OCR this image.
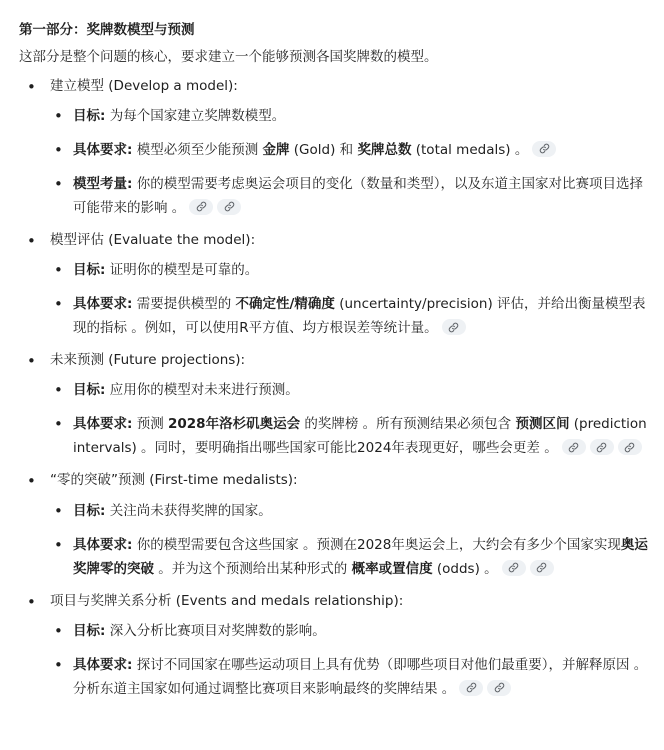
第一部分：奖牌数模型与预测
这部分是整个问题的核心，要求建立一个能够预测各国奖牌数的模型。
• 建立模型 (Develop a model):
• 目标: 为每个国家建立奖牌数模型。
• 具体要求: 模型必须至少能预测 金牌 (Gold) 和 奖牌总数 (total medals) 。
• 模型考量: 你的模型需要考虑奥运会项目的变化（数量和类型），以及东道主国家对比赛项目选择可能带来的影响 。
• 模型评估 (Evaluate the model):
• 目标: 证明你的模型是可靠的。
• 具体要求: 需要提供模型的 不确定性/精确度 (uncertainty/precision) 评估，并给出衡量模型表现的指标 。例如，可以使用R平方值、均方根误差等统计量。
• 未来预测 (Future projections):
• 目标: 应用你的模型对未来进行预测。
• 具体要求: 预测 2028年洛杉矶奥运会 的奖牌榜 。所有预测结果必须包含 预测区间 (prediction intervals) 。同时，要明确指出哪些国家可能比2024年表现更好，哪些会更差 。
• “零的突破”预测 (First-time medalists):
• 目标: 关注尚未获得奖牌的国家。
• 具体要求: 你的模型需要包含这些国家 。预测在2028年奥运会上，大约会有多少个国家实现奥运奖牌零的突破 。并为这个预测给出某种形式的 概率或置信度 (odds) 。
• 项目与奖牌关系分析 (Events and medals relationship):
• 目标: 深入分析比赛项目对奖牌数的影响。
• 具体要求: 探讨不同国家在哪些运动项目上具有优势（即哪些项目对他们最重要），并解释原因 。分析东道主国家如何通过调整比赛项目来影响最终的奖牌结果 。
